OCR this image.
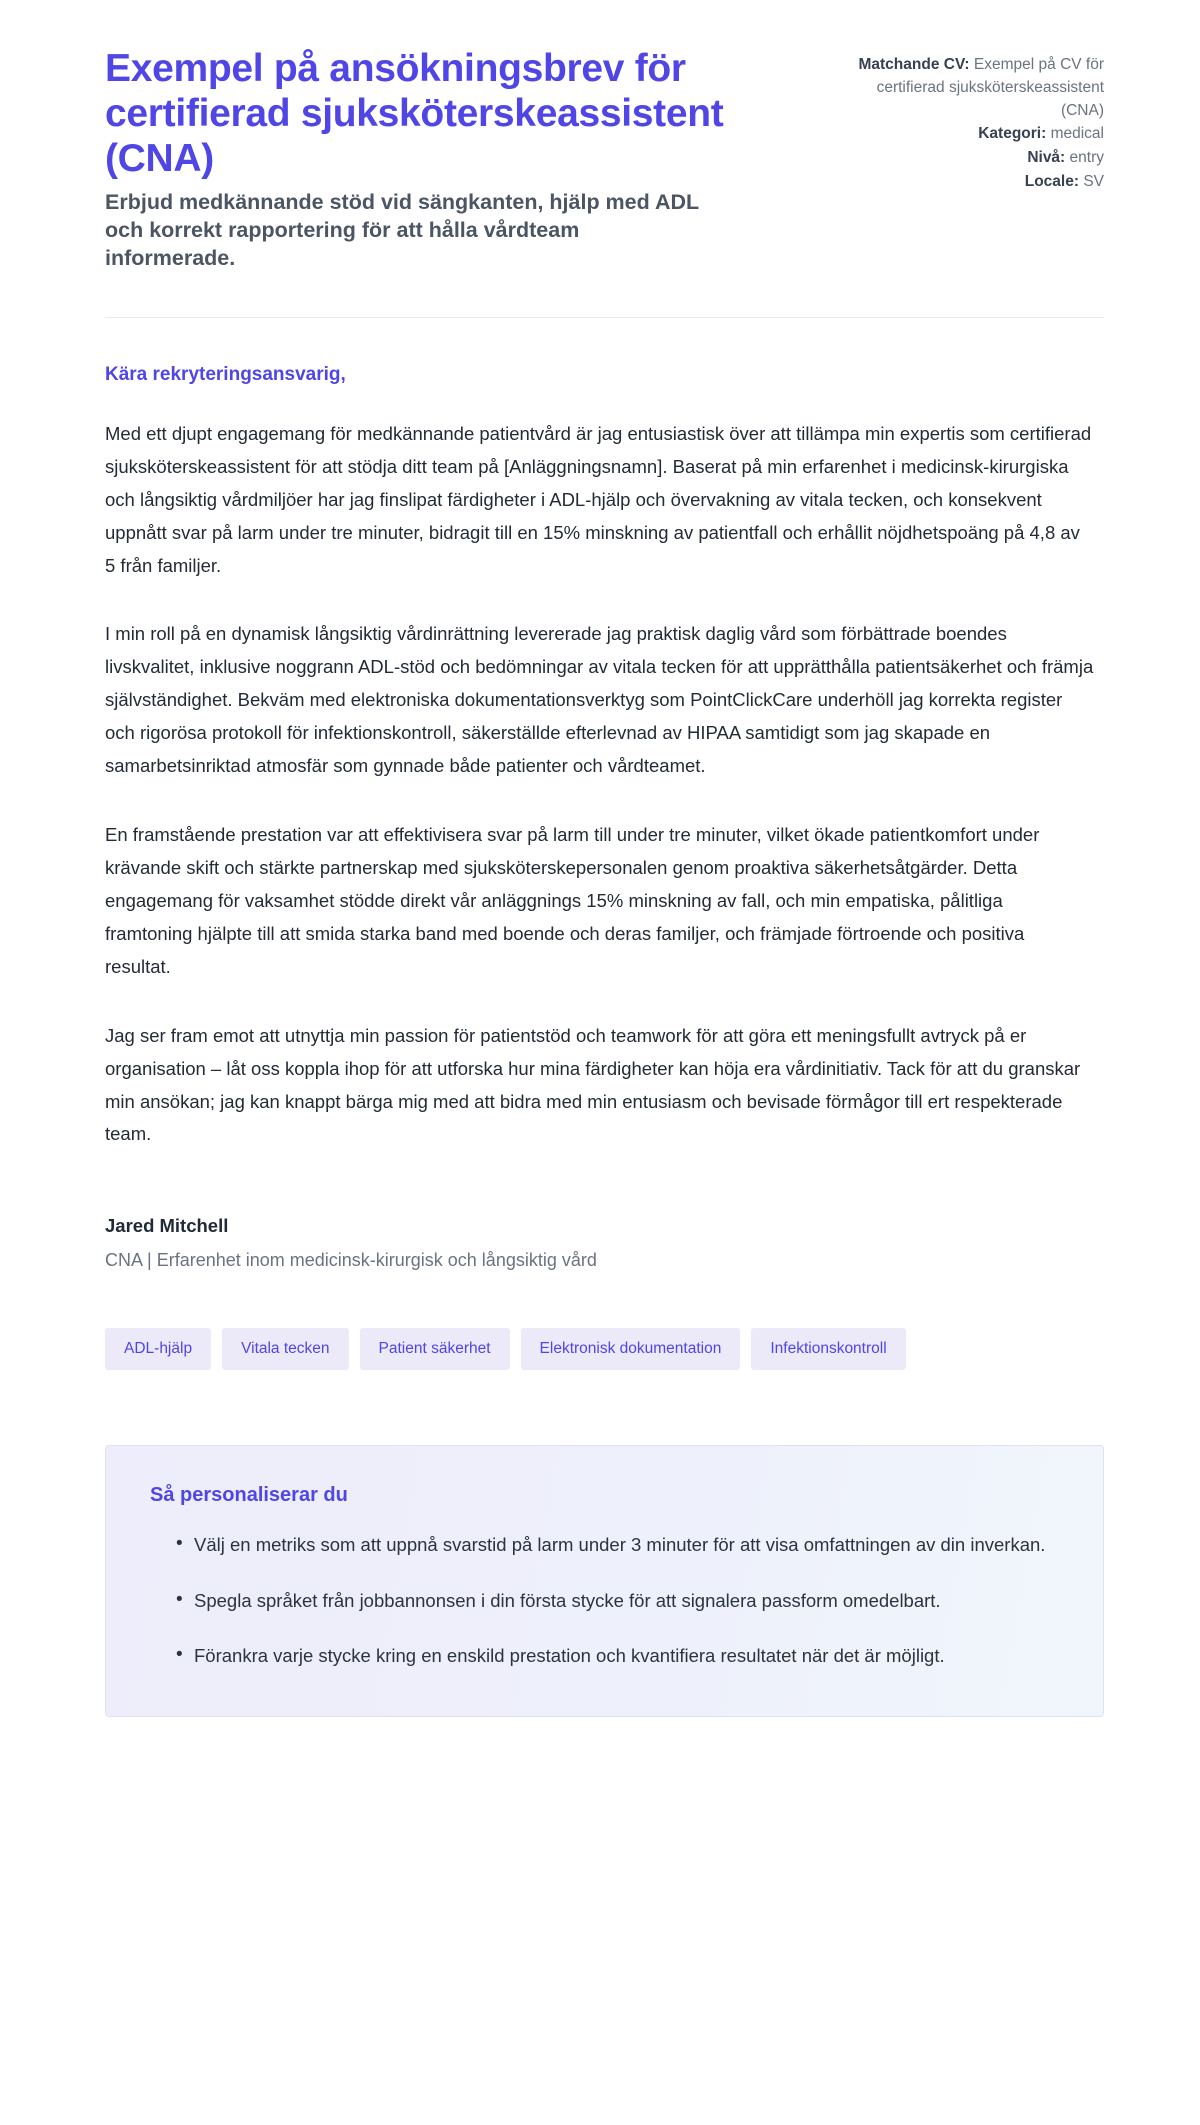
Exempel på ansökningsbrev för certifierad sjuksköterskeassistent (CNA)

Erbjud medkännande stöd vid sängkanten, hjälp med ADL och korrekt rapportering för att hålla vårdteam informerade.

Matchande CV: Exempel på CV för certifierad sjuksköterskeassistent (CNA)
Kategori: medical
Nivå: entry
Locale: SV

Kära rekryteringsansvarig,

Med ett djupt engagemang för medkännande patientvård är jag entusiastisk över att tillämpa min expertis som certifierad sjuksköterskeassistent för att stödja ditt team på [Anläggningsnamn]. Baserat på min erfarenhet i medicinsk-kirurgiska och långsiktig vårdmiljöer har jag finslipat färdigheter i ADL-hjälp och övervakning av vitala tecken, och konsekvent uppnått svar på larm under tre minuter, bidragit till en 15% minskning av patientfall och erhållit nöjdhetspoäng på 4,8 av 5 från familjer.

I min roll på en dynamisk långsiktig vårdinrättning levererade jag praktisk daglig vård som förbättrade boendes livskvalitet, inklusive noggrann ADL-stöd och bedömningar av vitala tecken för att upprätthålla patientsäkerhet och främja självständighet. Bekväm med elektroniska dokumentationsverktyg som PointClickCare underhöll jag korrekta register och rigorösa protokoll för infektionskontroll, säkerställde efterlevnad av HIPAA samtidigt som jag skapade en samarbetsinriktad atmosfär som gynnade både patienter och vårdteamet.

En framstående prestation var att effektivisera svar på larm till under tre minuter, vilket ökade patientkomfort under krävande skift och stärkte partnerskap med sjuksköterskepersonalen genom proaktiva säkerhetsåtgärder. Detta engagemang för vaksamhet stödde direkt vår anläggnings 15% minskning av fall, och min empatiska, pålitliga framtoning hjälpte till att smida starka band med boende och deras familjer, och främjade förtroende och positiva resultat.

Jag ser fram emot att utnyttja min passion för patientstöd och teamwork för att göra ett meningsfullt avtryck på er organisation – låt oss koppla ihop för att utforska hur mina färdigheter kan höja era vårdinitiativ. Tack för att du granskar min ansökan; jag kan knappt bärga mig med att bidra med min entusiasm och bevisade förmågor till ert respekterade team.

Jared Mitchell

CNA | Erfarenhet inom medicinsk-kirurgisk och långsiktig vård

ADL-hjälp	Vitala tecken	Patient säkerhet	Elektronisk dokumentation	Infektionskontroll
Så personaliserar du
• Välj en metriks som att uppnå svarstid på larm under 3 minuter för att visa omfattningen av din inverkan.
• Spegla språket från jobbannonsen i din första stycke för att signalera passform omedelbart.
• Förankra varje stycke kring en enskild prestation och kvantifiera resultatet när det är möjligt.
